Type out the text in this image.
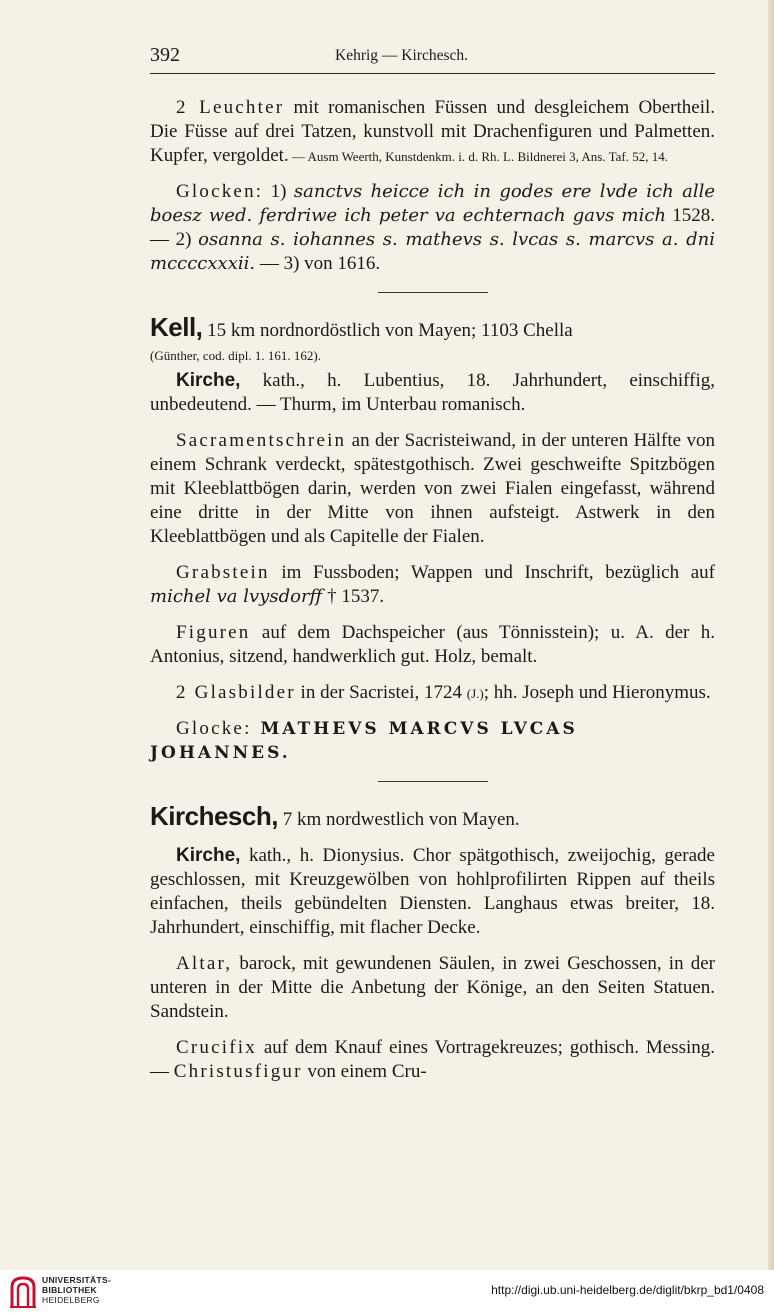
392	Kehrig — Kirchesch.

2 Leuchter mit romanischen Füssen und desgleichem Obertheil. Die Füsse auf drei Tatzen, kunstvoll mit Drachenfiguren und Palmetten. Kupfer, vergoldet. — Ausm Weerth, Kunstdenkm. i. d. Rh. L. Bildnerei 3, Ans. Taf. 52, 14.

Glocken: 1) sanctvs heicce ich in godes ere lvde ich alle boesz wed. ferdriwe ich peter va echternach gavs mich 1528. — 2) osanna s. iohannes s. mathevs s. lvcas s. marcvs a. dni mccccxxxii. — 3) von 1616.

Kell, 15 km nordnordöstlich von Mayen; 1103 Chella
(Günther, cod. dipl. 1. 161. 162).

Kirche, kath., h. Lubentius, 18. Jahrhundert, einschiffig, unbedeutend. — Thurm, im Unterbau romanisch.

Sacramentschrein an der Sacristeiwand, in der unteren Hälfte von einem Schrank verdeckt, spätestgothisch. Zwei geschweifte Spitzbögen mit Kleeblattbögen darin, werden von zwei Fialen eingefasst, während eine dritte in der Mitte von ihnen aufsteigt. Astwerk in den Kleeblattbögen und als Capitelle der Fialen.

Grabstein im Fussboden; Wappen und Inschrift, bezüglich auf michel va lvysdorff † 1537.

Figuren auf dem Dachspeicher (aus Tönnisstein); u. A. der h. Antonius, sitzend, handwerklich gut. Holz, bemalt.

2 Glasbilder in der Sacristei, 1724 (J.); hh. Joseph und Hieronymus.

Glocke: MATHEVS MARCVS LVCAS JOHANNES.

Kirchesch, 7 km nordwestlich von Mayen.

Kirche, kath., h. Dionysius. Chor spätgothisch, zweijochig, gerade geschlossen, mit Kreuzgewölben von hohlprofilirten Rippen auf theils einfachen, theils gebündelten Diensten. Langhaus etwas breiter, 18. Jahrhundert, einschiffig, mit flacher Decke.

Altar, barock, mit gewundenen Säulen, in zwei Geschossen, in der unteren in der Mitte die Anbetung der Könige, an den Seiten Statuen. Sandstein.

Crucifix auf dem Knauf eines Vortragekreuzes; gothisch. Messing. — Christusfigur von einem Cru-

UNIVERSITÄTS-
BIBLIOTHEK
HEIDELBERG
http://digi.ub.uni-heidelberg.de/diglit/bkrp_bd1/0408
